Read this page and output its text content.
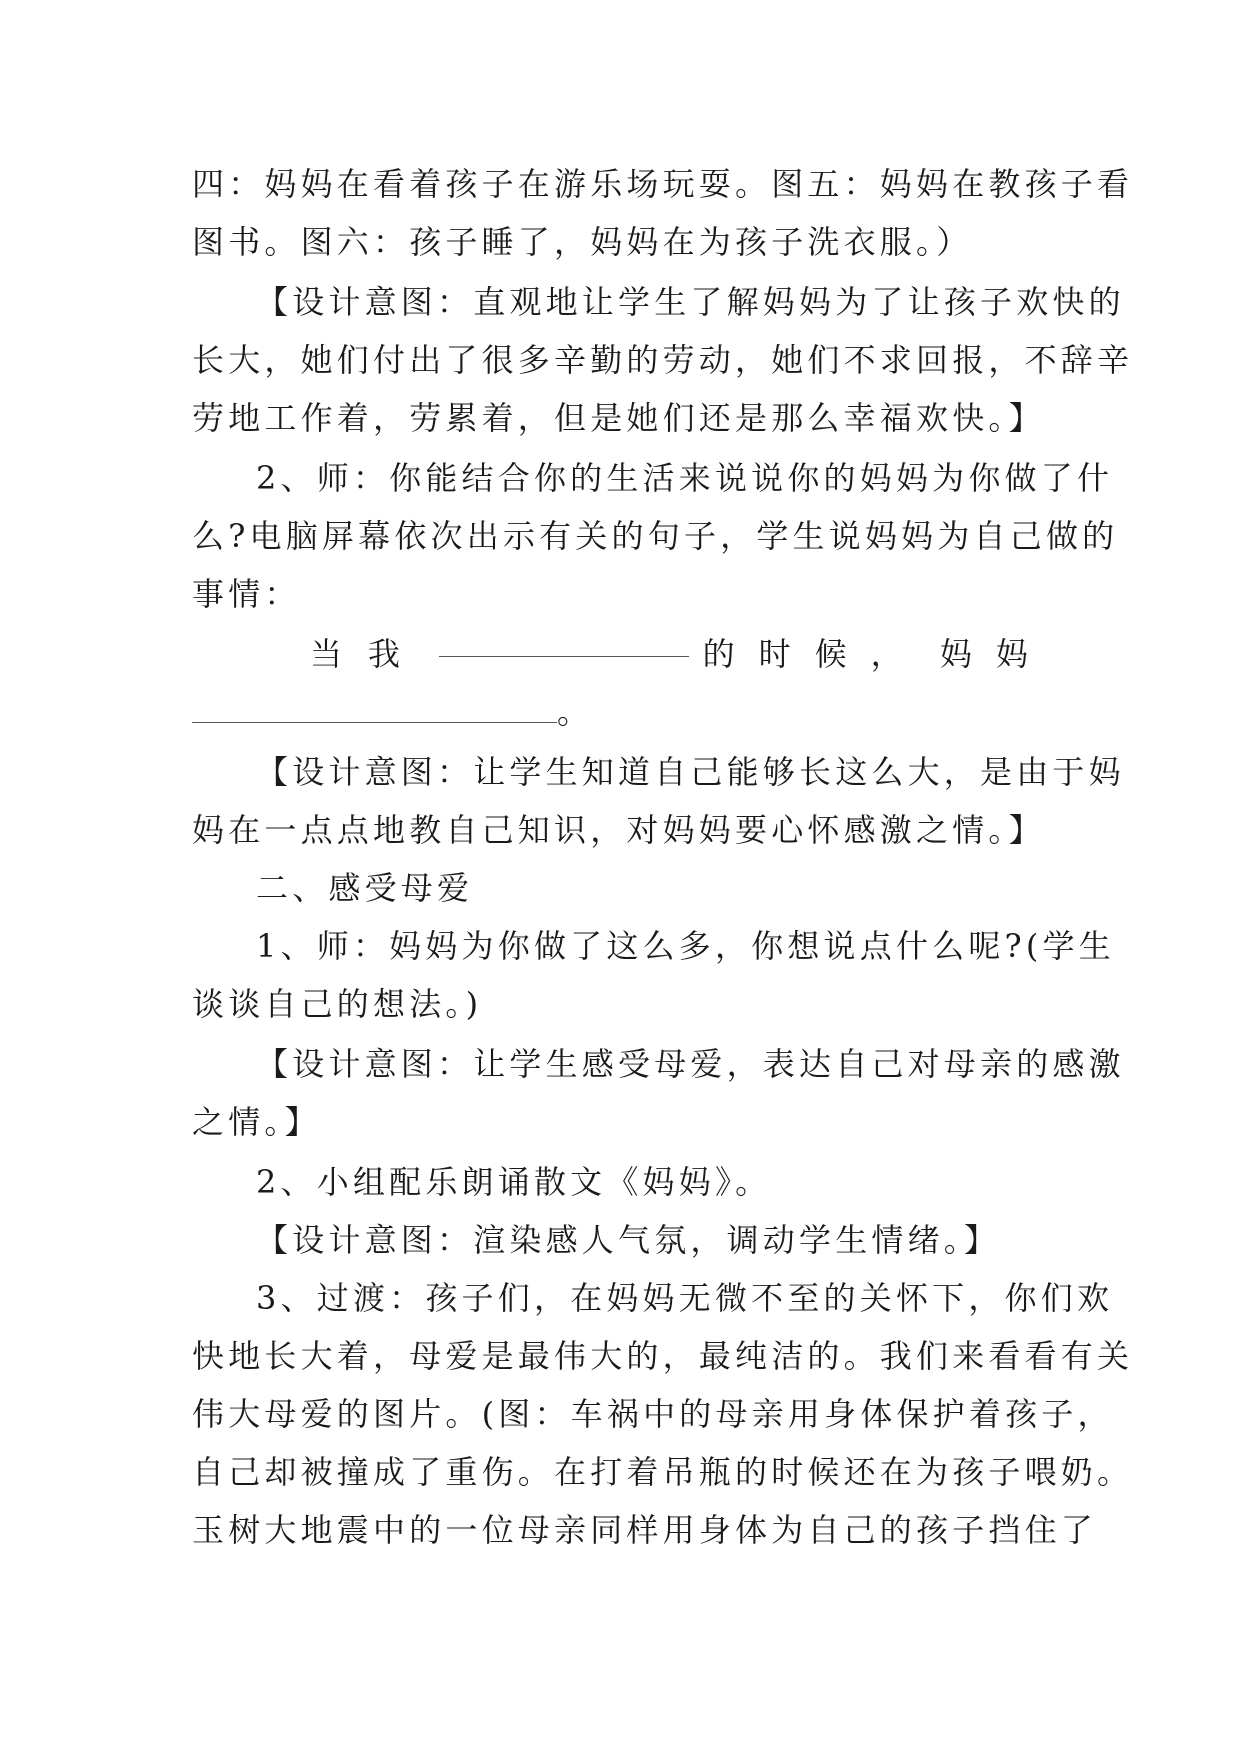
四：妈妈在看着孩子在游乐场玩耍。图五：妈妈在教孩子看

图书。图六：孩子睡了，妈妈在为孩子洗衣服。）

【设计意图：直观地让学生了解妈妈为了让孩子欢快的

长大，她们付出了很多辛勤的劳动，她们不求回报，不辞辛

劳地工作着，劳累着，但是她们还是那么幸福欢快。】

2、师：你能结合你的生活来说说你的妈妈为你做了什

么?电脑屏幕依次出示有关的句子，学生说妈妈为自己做的

事情：

当我	的时候， 妈妈
。

【设计意图：让学生知道自己能够长这么大，是由于妈

妈在一点点地教自己知识，对妈妈要心怀感激之情。】

二、感受母爱

1、师：妈妈为你做了这么多，你想说点什么呢?(学生

谈谈自己的想法。)

【设计意图：让学生感受母爱，表达自己对母亲的感激

之情。】

2、小组配乐朗诵散文《妈妈》。

【设计意图：渲染感人气氛，调动学生情绪。】

3、过渡：孩子们，在妈妈无微不至的关怀下，你们欢

快地长大着，母爱是最伟大的，最纯洁的。我们来看看有关

伟大母爱的图片。(图：车祸中的母亲用身体保护着孩子，

自己却被撞成了重伤。在打着吊瓶的时候还在为孩子喂奶。

玉树大地震中的一位母亲同样用身体为自己的孩子挡住了
